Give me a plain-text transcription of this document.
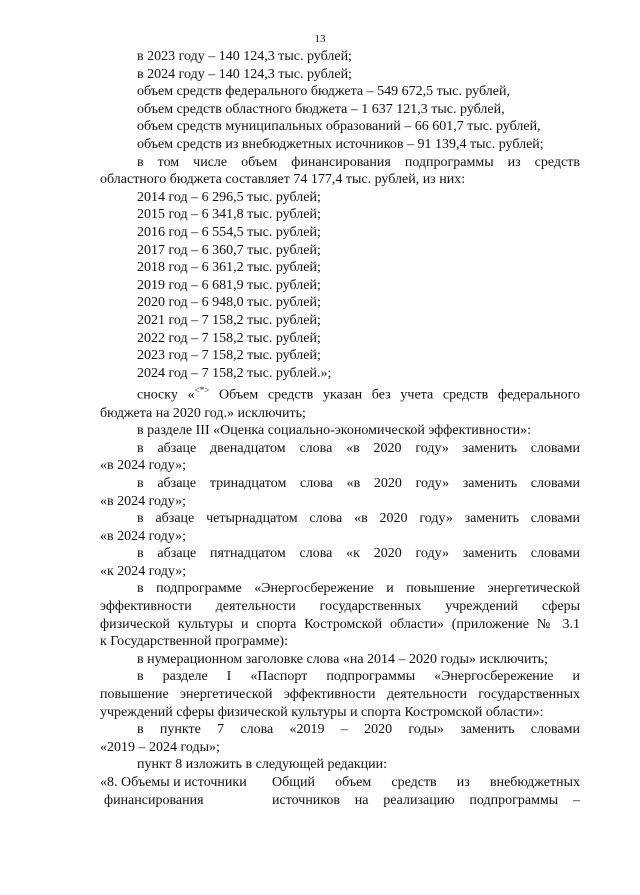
13

в 2023 году – 140 124,3 тыс. рублей;

в 2024 году – 140 124,3 тыс. рублей;

объем средств федерального бюджета – 549 672,5 тыс. рублей,

объем средств областного бюджета – 1 637 121,3 тыс. рублей,

объем средств муниципальных образований – 66 601,7 тыс. рублей,

объем средств из внебюджетных источников – 91 139,4 тыс. рублей;

в том числе объем финансирования подпрограммы из средств

областного бюджета составляет 74 177,4 тыс. рублей, из них:

2014 год – 6 296,5 тыс. рублей;

2015 год – 6 341,8 тыс. рублей;

2016 год – 6 554,5 тыс. рублей;

2017 год – 6 360,7 тыс. рублей;

2018 год – 6 361,2 тыс. рублей;

2019 год – 6 681,9 тыс. рублей;

2020 год – 6 948,0 тыс. рублей;

2021 год – 7 158,2 тыс. рублей;

2022 год – 7 158,2 тыс. рублей;

2023 год – 7 158,2 тыс. рублей;

2024 год – 7 158,2 тыс. рублей.»;

сноску «<*> Объем средств указан без учета средств федерального

бюджета на 2020 год.» исключить;

в разделе III «Оценка социально-экономической эффективности»:

в абзаце двенадцатом слова «в 2020 году» заменить словами

«в 2024 году»;

в абзаце тринадцатом слова «в 2020 году» заменить словами

«в 2024 году»;

в абзаце четырнадцатом слова «в 2020 году» заменить словами

«в 2024 году»;

в абзаце пятнадцатом слова «к 2020 году» заменить словами

«к 2024 году»;

в подпрограмме «Энергосбережение и повышение энергетической

эффективности деятельности государственных учреждений сферы

физической культуры и спорта Костромской области» (приложение № 3.1

к Государственной программе):

в нумерационном заголовке слова «на 2014 – 2020 годы» исключить;

в разделе I «Паспорт подпрограммы «Энергосбережение и

повышение энергетической эффективности деятельности государственных

учреждений сферы физической культуры и спорта Костромской области»:

в пункте 7 слова «2019 – 2020 годы» заменить словами

«2019 – 2024 годы»;

пункт 8 изложить в следующей редакции:

«8. Объемы и источники

финансирования

Общий объем средств из внебюджетных

источников на реализацию подпрограммы –
